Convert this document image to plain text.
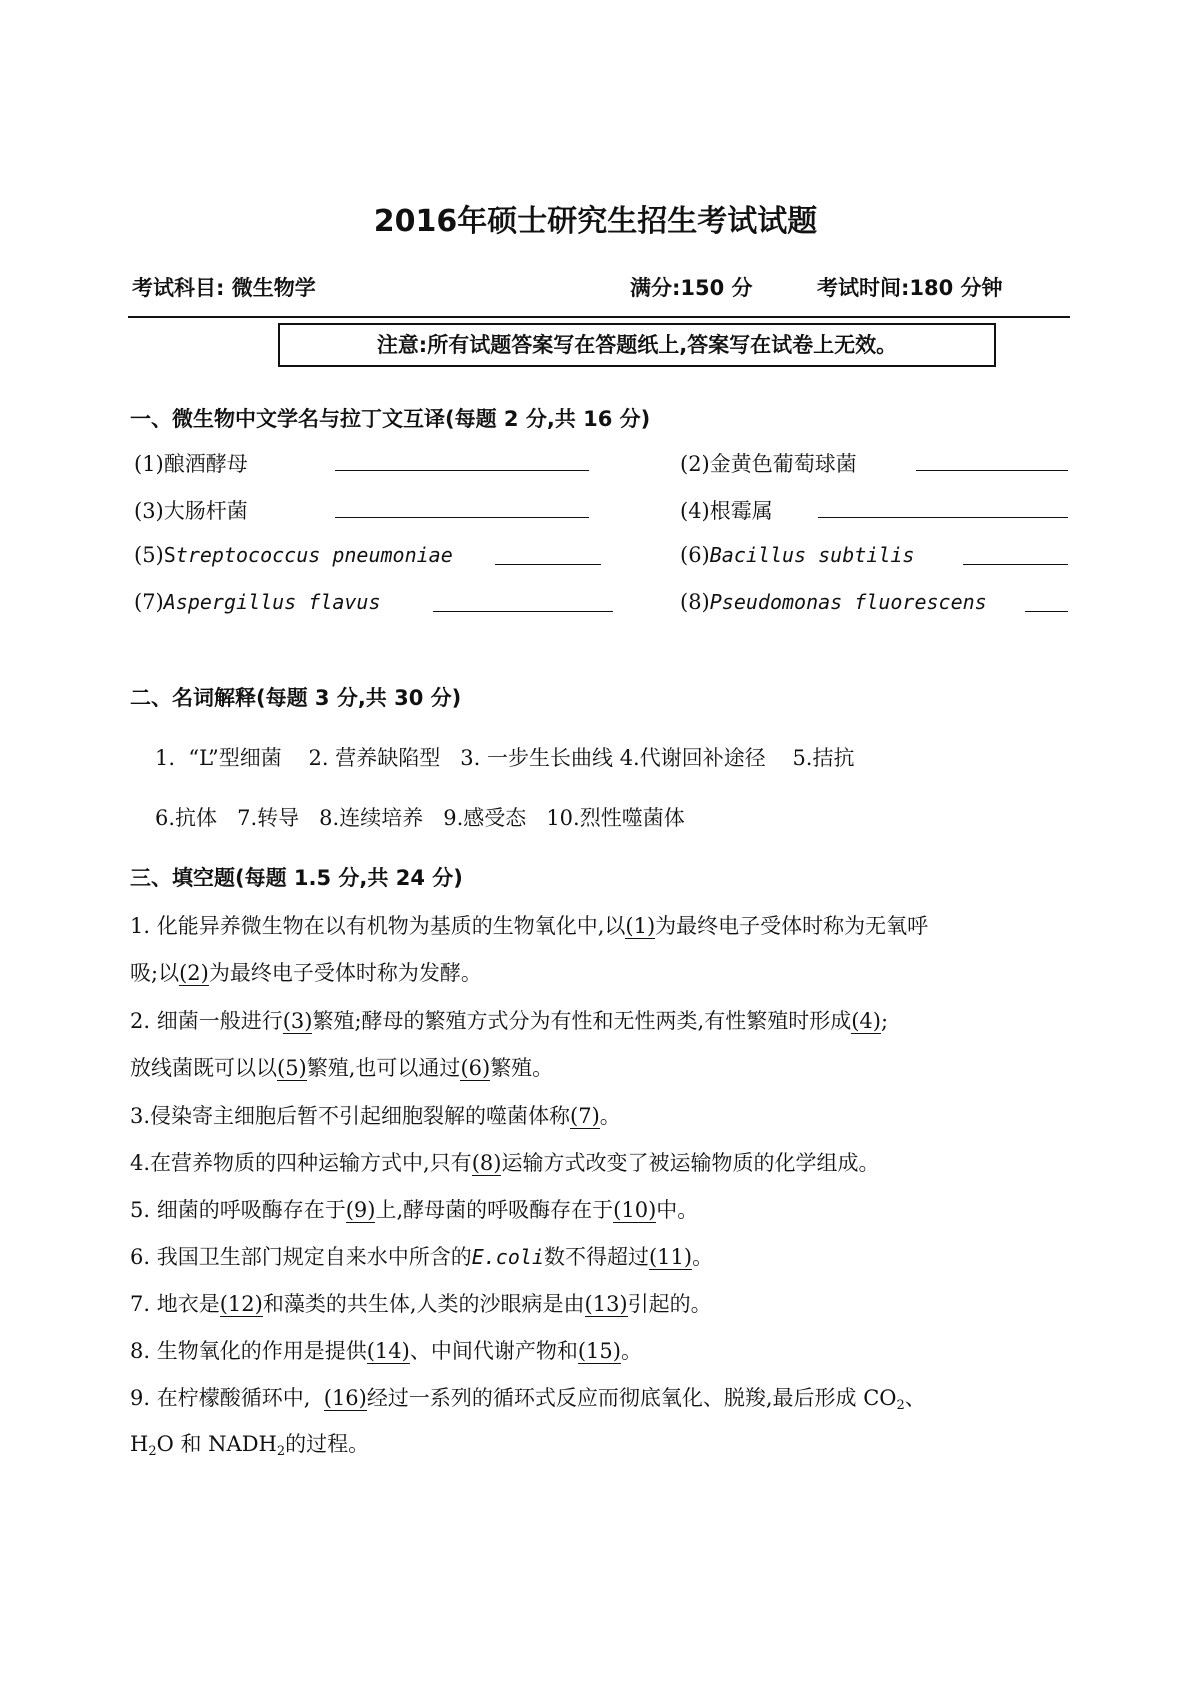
2016年硕士研究生招生考试试题
考试科目: 微生物学	满分:150 分	考试时间:180 分钟
注意:所有试题答案写在答题纸上,答案写在试卷上无效。
一、微生物中文学名与拉丁文互译(每题 2 分,共 16 分)
(1)酿酒酵母	(2)金黄色葡萄球菌
(3)大肠杆菌	(4)根霉属
(5)Streptococcus pneumoniae	(6)Bacillus subtilis
(7)Aspergillus flavus	(8)Pseudomonas fluorescens
二、名词解释(每题 3 分,共 30 分)
1. “L”型细菌 2. 营养缺陷型 3. 一步生长曲线 4.代谢回补途径 5.拮抗
6.抗体 7.转导 8.连续培养 9.感受态 10.烈性噬菌体
三、填空题(每题 1.5 分,共 24 分)
1. 化能异养微生物在以有机物为基质的生物氧化中,以(1)为最终电子受体时称为无氧呼
吸;以(2)为最终电子受体时称为发酵。
2. 细菌一般进行(3)繁殖;酵母的繁殖方式分为有性和无性两类,有性繁殖时形成(4);
放线菌既可以以(5)繁殖,也可以通过(6)繁殖。
3.侵染寄主细胞后暂不引起细胞裂解的噬菌体称(7)。
4.在营养物质的四种运输方式中,只有(8)运输方式改变了被运输物质的化学组成。
5. 细菌的呼吸酶存在于(9)上,酵母菌的呼吸酶存在于(10)中。
6. 我国卫生部门规定自来水中所含的E.coli数不得超过(11)。
7. 地衣是(12)和藻类的共生体,人类的沙眼病是由(13)引起的。
8. 生物氧化的作用是提供(14)、中间代谢产物和(15)。
9. 在柠檬酸循环中, (16)经过一系列的循环式反应而彻底氧化、脱羧,最后形成 $CO_2$、
$H_2O$ 和 $NADH_2$的过程。
